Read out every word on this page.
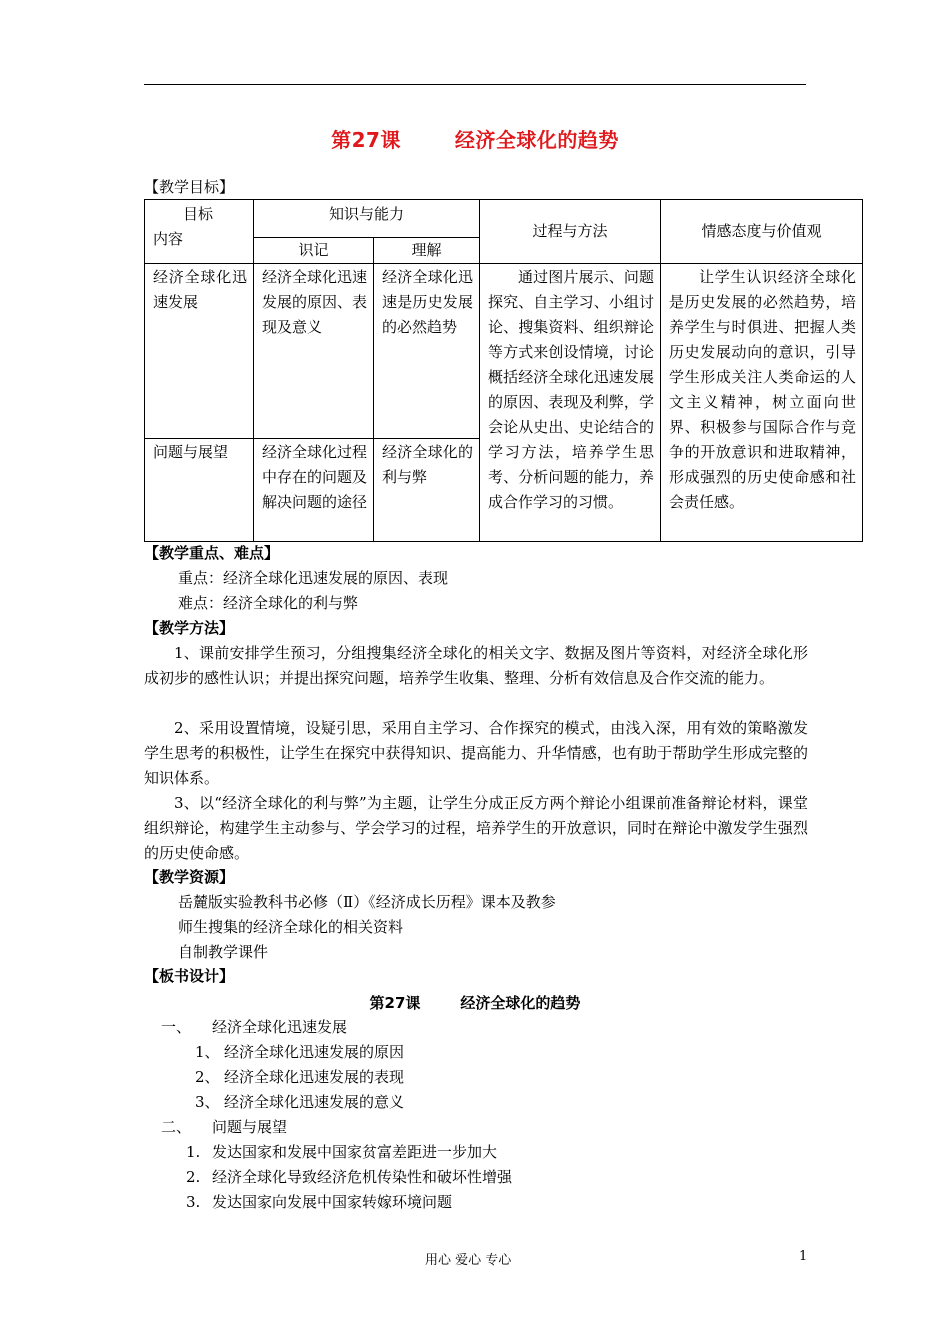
第27课	经济全球化的趋势
【教学目标】
目标
内容	知识与能力		过程与方法	情感态度与价值观
	识记	理解		

经济全球化迅速发展	经济全球化迅速发展的原因、表现及意义	经济全球化迅速是历史发展的必然趋势	通过图片展示、问题探究、自主学习、小组讨论、搜集资料、组织辩论等方式来创设情境，讨论概括经济全球化迅速发展的原因、表现及利弊，学会论从史出、史论结合的学习方法，培养学生思考、分析问题的能力，养成合作学习的习惯。	让学生认识经济全球化是历史发展的必然趋势，培养学生与时俱进、把握人类历史发展动向的意识，引导学生形成关注人类命运的人文主义精神，树立面向世界、积极参与国际合作与竞争的开放意识和进取精神，形成强烈的历史使命感和社会责任感。

问题与展望	经济全球化过程中存在的问题及解决问题的途径	经济全球化的利与弊		
【教学重点、难点】
重点：经济全球化迅速发展的原因、表现
难点：经济全球化的利与弊
【教学方法】
1、课前安排学生预习，分组搜集经济全球化的相关文字、数据及图片等资料，对经济全球化形成初步的感性认识；并提出探究问题，培养学生收集、整理、分析有效信息及合作交流的能力。
2、采用设置情境，设疑引思，采用自主学习、合作探究的模式，由浅入深，用有效的策略激发学生思考的积极性，让学生在探究中获得知识、提高能力、升华情感，也有助于帮助学生形成完整的知识体系。
3、以“经济全球化的利与弊”为主题，让学生分成正反方两个辩论小组课前准备辩论材料，课堂组织辩论，构建学生主动参与、学会学习的过程，培养学生的开放意识，同时在辩论中激发学生强烈的历史使命感。
【教学资源】
岳麓版实验教科书必修（Ⅱ）《经济成长历程》课本及教参
师生搜集的经济全球化的相关资料
自制教学课件
【板书设计】
第27课	经济全球化的趋势
一、 经济全球化迅速发展
1、 经济全球化迅速发展的原因
2、 经济全球化迅速发展的表现
3、 经济全球化迅速发展的意义
二、 问题与展望
1. 发达国家和发展中国家贫富差距进一步加大
2. 经济全球化导致经济危机传染性和破坏性增强
3. 发达国家向发展中国家转嫁环境问题
用心 爱心 专心	1
